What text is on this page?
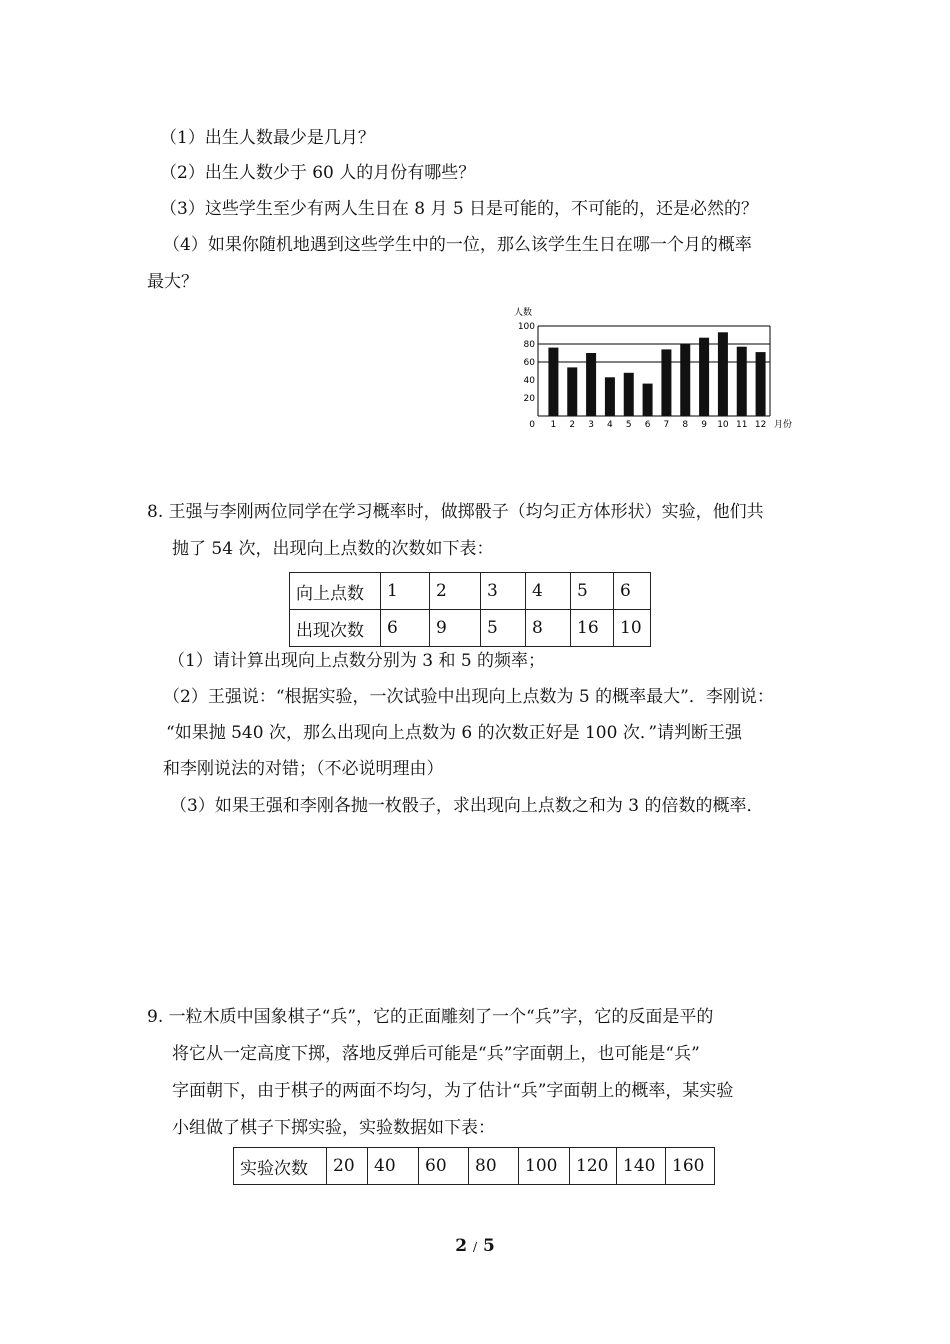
（1）出生人数最少是几月？
（2）出生人数少于 60 人的月份有哪些？
（3）这些学生至少有两人生日在 8 月 5 日是可能的，不可能的，还是必然的？
（4）如果你随机地遇到这些学生中的一位，那么该学生生日在哪一个月的概率
最大？
人数
20
40
60
80
100
0 1 2 3 4 5 6 7 8 9 10 11 12 月份
8. 王强与李刚两位同学在学习概率时，做掷骰子（均匀正方体形状）实验，他们共
抛了 54 次，出现向上点数的次数如下表：
向上点数	1	2	3	4	5	6
出现次数	6	9	5	8	16	10
（1）请计算出现向上点数分别为 3 和 5 的频率；
（2）王强说：“根据实验，一次试验中出现向上点数为 5 的概率最大”．李刚说：
“如果抛 540 次，那么出现向上点数为 6 的次数正好是 100 次．”请判断王强
和李刚说法的对错；（不必说明理由）
（3）如果王强和李刚各抛一枚骰子，求出现向上点数之和为 3 的倍数的概率．
9. 一粒木质中国象棋子“兵”，它的正面雕刻了一个“兵”字，它的反面是平的
将它从一定高度下掷，落地反弹后可能是“兵”字面朝上，也可能是“兵”
字面朝下，由于棋子的两面不均匀，为了估计“兵”字面朝上的概率，某实验
小组做了棋子下掷实验，实验数据如下表：
实验次数	20	40	60	80	100	120	140	160
2 / 5
